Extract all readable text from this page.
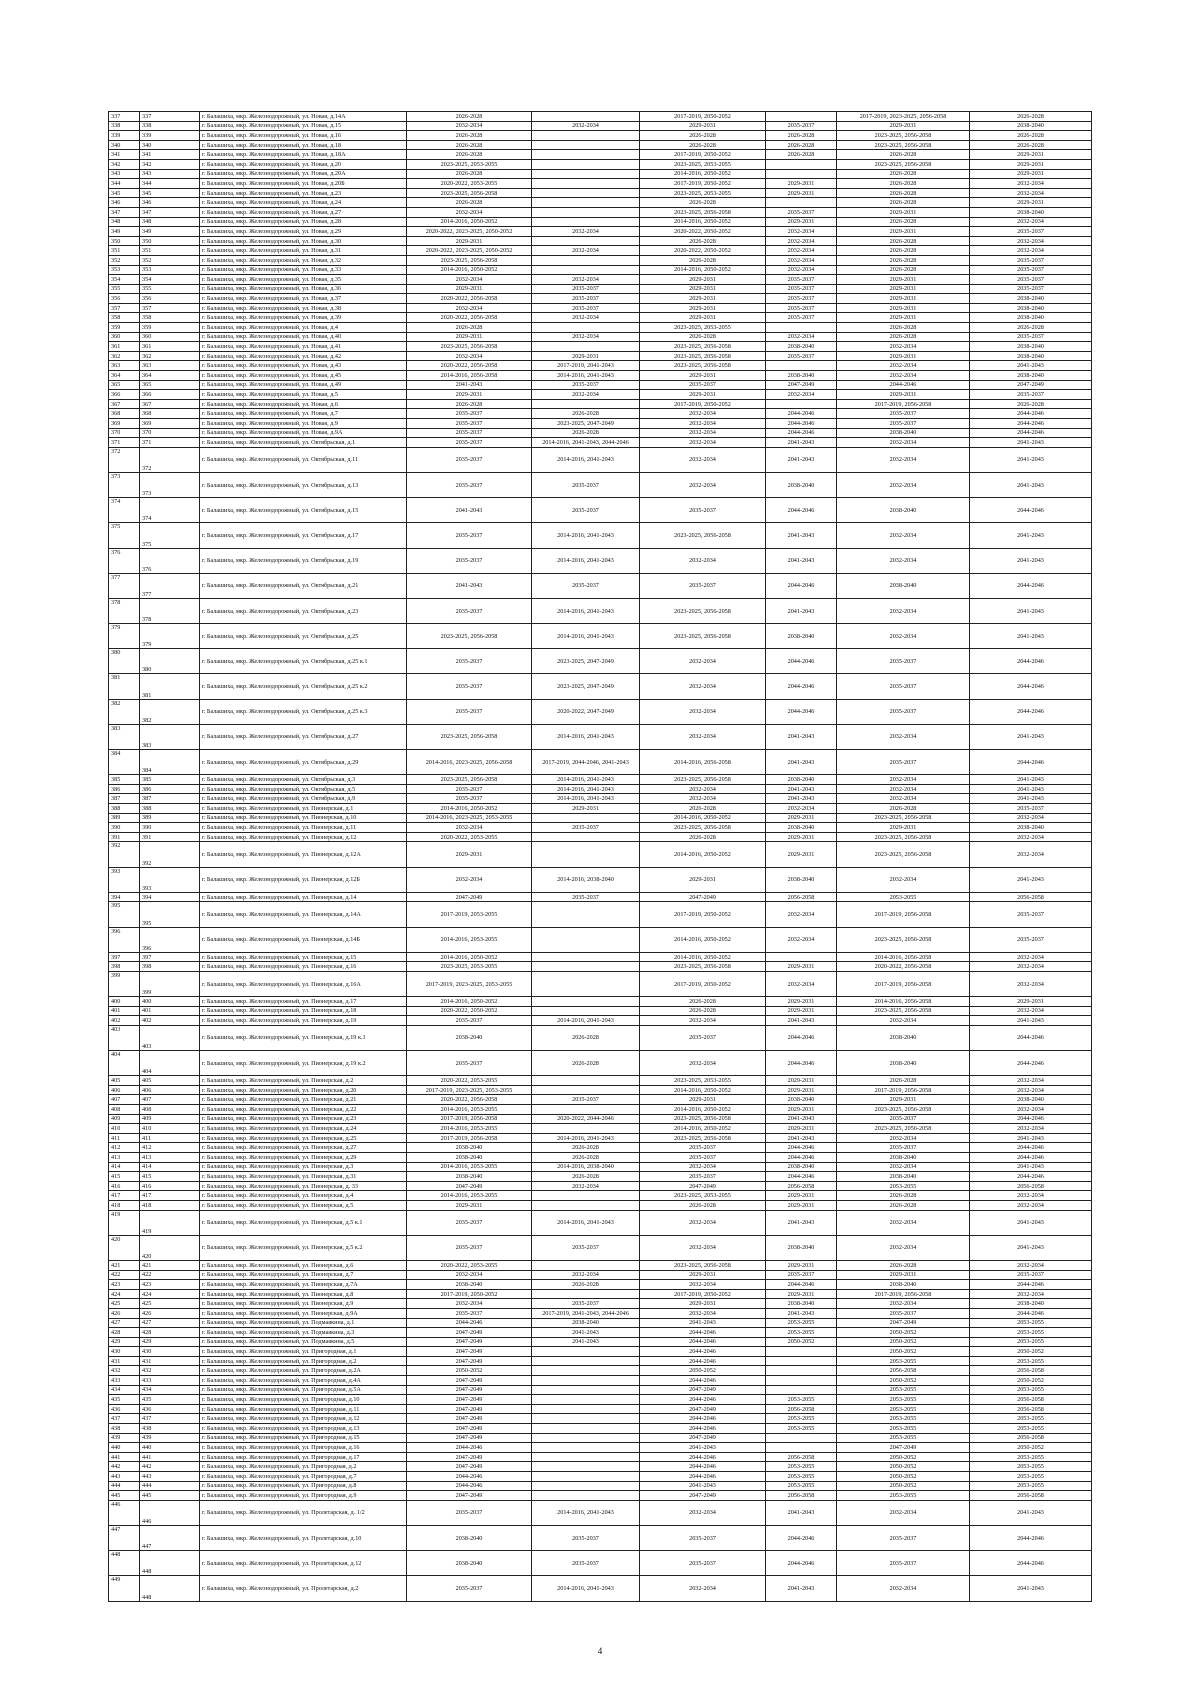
337	337	г. Балашиха, мкр. Железнодорожный, ул. Новая, д.14А	2026-2028		2017-2019, 2050-2052		2017-2019, 2023-2025, 2056-2058	2026-2028
338	338	г. Балашиха, мкр. Железнодорожный, ул. Новая, д.15	2032-2034	2032-2034	2029-2031	2035-2037	2029-2031	2038-2040
339	339	г. Балашиха, мкр. Железнодорожный, ул. Новая, д.16	2026-2028		2026-2028	2026-2028	2023-2025, 2056-2058	2026-2028
340	340	г. Балашиха, мкр. Железнодорожный, ул. Новая, д.18	2026-2028		2026-2028	2026-2028	2023-2025, 2056-2058	2026-2028
341	341	г. Балашиха, мкр. Железнодорожный, ул. Новая, д.18А	2026-2028		2017-2019, 2050-2052	2026-2028	2026-2028	2029-2031
342	342	г. Балашиха, мкр. Железнодорожный, ул. Новая, д.20	2023-2025, 2053-2055		2023-2025, 2053-2055		2023-2025, 2056-2058	2029-2031
343	343	г. Балашиха, мкр. Железнодорожный, ул. Новая, д.20А	2026-2028		2014-2016, 2050-2052		2026-2028	2029-2031
344	344	г. Балашиха, мкр. Железнодорожный, ул. Новая, д.20Б	2020-2022, 2053-2055		2017-2019, 2050-2052	2029-2031	2026-2028	2032-2034
345	345	г. Балашиха, мкр. Железнодорожный, ул. Новая, д.23	2023-2025, 2056-2058		2023-2025, 2053-2055	2029-2031	2026-2028	2032-2034
346	346	г. Балашиха, мкр. Железнодорожный, ул. Новая, д.24	2026-2028		2026-2028		2026-2028	2029-2031
347	347	г. Балашиха, мкр. Железнодорожный, ул. Новая, д.27	2032-2034		2023-2025, 2056-2058	2035-2037	2029-2031	2038-2040
348	348	г. Балашиха, мкр. Железнодорожный, ул. Новая, д.28	2014-2016, 2050-2052		2014-2016, 2050-2052	2029-2031	2026-2028	2032-2034
349	349	г. Балашиха, мкр. Железнодорожный, ул. Новая, д.29	2020-2022, 2023-2025, 2050-2052	2032-2034	2020-2022, 2050-2052	2032-2034	2029-2031	2035-2037
350	350	г. Балашиха, мкр. Железнодорожный, ул. Новая, д.30	2029-2031		2026-2028	2032-2034	2026-2028	2032-2034
351	351	г. Балашиха, мкр. Железнодорожный, ул. Новая, д.31	2020-2022, 2023-2025, 2050-2052	2032-2034	2020-2022, 2050-2052	2032-2034	2026-2028	2032-2034
352	352	г. Балашиха, мкр. Железнодорожный, ул. Новая, д.32	2023-2025, 2056-2058		2026-2028	2032-2034	2026-2028	2035-2037
353	353	г. Балашиха, мкр. Железнодорожный, ул. Новая, д.33	2014-2016, 2050-2052		2014-2016, 2050-2052	2032-2034	2026-2028	2035-2037
354	354	г. Балашиха, мкр. Железнодорожный, ул. Новая, д.35	2032-2034	2032-2034	2029-2031	2035-2037	2029-2031	2035-2037
355	355	г. Балашиха, мкр. Железнодорожный, ул. Новая, д.36	2029-2031	2035-2037	2029-2031	2035-2037	2029-2031	2035-2037
356	356	г. Балашиха, мкр. Железнодорожный, ул. Новая, д.37	2020-2022, 2056-2058	2035-2037	2029-2031	2035-2037	2029-2031	2038-2040
357	357	г. Балашиха, мкр. Железнодорожный, ул. Новая, д.38	2032-2034	2035-2037	2029-2031	2035-2037	2029-2031	2038-2040
358	358	г. Балашиха, мкр. Железнодорожный, ул. Новая, д.39	2020-2022, 2056-2058	2032-2034	2029-2031	2035-2037	2029-2031	2038-2040
359	359	г. Балашиха, мкр. Железнодорожный, ул. Новая, д.4	2026-2028		2023-2025, 2053-2055		2026-2028	2026-2028
360	360	г. Балашиха, мкр. Железнодорожный, ул. Новая, д.40	2029-2031	2032-2034	2026-2028	2032-2034	2026-2028	2035-2037
361	361	г. Балашиха, мкр. Железнодорожный, ул. Новая, д.41	2023-2025, 2056-2058		2023-2025, 2056-2058	2038-2040	2032-2034	2038-2040
362	362	г. Балашиха, мкр. Железнодорожный, ул. Новая, д.42	2032-2034	2029-2031	2023-2025, 2056-2058	2035-2037	2029-2031	2038-2040
363	363	г. Балашиха, мкр. Железнодорожный, ул. Новая, д.43	2020-2022, 2056-2058	2017-2019, 2041-2043	2023-2025, 2056-2058		2032-2034	2041-2043
364	364	г. Балашиха, мкр. Железнодорожный, ул. Новая, д.45	2014-2016, 2056-2058	2014-2016, 2041-2043	2029-2031	2038-2040	2032-2034	2038-2040
365	365	г. Балашиха, мкр. Железнодорожный, ул. Новая, д.49	2041-2043	2035-2037	2035-2037	2047-2049	2044-2046	2047-2049
366	366	г. Балашиха, мкр. Железнодорожный, ул. Новая, д.5	2029-2031	2032-2034	2029-2031	2032-2034	2029-2031	2035-2037
367	367	г. Балашиха, мкр. Железнодорожный, ул. Новая, д.6	2026-2028		2017-2019, 2050-2052		2017-2019, 2056-2058	2026-2028
368	368	г. Балашиха, мкр. Железнодорожный, ул. Новая, д.7	2035-2037	2026-2028	2032-2034	2044-2046	2035-2037	2044-2046
369	369	г. Балашиха, мкр. Железнодорожный, ул. Новая, д.9	2035-2037	2023-2025, 2047-2049	2032-2034	2044-2046	2035-2037	2044-2046
370	370	г. Балашиха, мкр. Железнодорожный, ул. Новая, д.9А	2035-2037	2026-2028	2032-2034	2044-2046	2038-2040	2044-2046
371	371	г. Балашиха, мкр. Железнодорожный, ул. Октябрьская, д.1	2035-2037	2014-2016, 2041-2043, 2044-2046	2032-2034	2041-2043	2032-2034	2041-2043
372	372	г. Балашиха, мкр. Железнодорожный, ул. Октябрьская, д.11	2035-2037	2014-2016, 2041-2043	2032-2034	2041-2043	2032-2034	2041-2043
373	373	г. Балашиха, мкр. Железнодорожный, ул. Октябрьская, д.13	2035-2037	2035-2037	2032-2034	2038-2040	2032-2034	2041-2043
374	374	г. Балашиха, мкр. Железнодорожный, ул. Октябрьская, д.15	2041-2043	2035-2037	2035-2037	2044-2046	2038-2040	2044-2046
375	375	г. Балашиха, мкр. Железнодорожный, ул. Октябрьская, д.17	2035-2037	2014-2016, 2041-2043	2023-2025, 2056-2058	2041-2043	2032-2034	2041-2043
376	376	г. Балашиха, мкр. Железнодорожный, ул. Октябрьская, д.19	2035-2037	2014-2016, 2041-2043	2032-2034	2041-2043	2032-2034	2041-2043
377	377	г. Балашиха, мкр. Железнодорожный, ул. Октябрьская, д.21	2041-2043	2035-2037	2035-2037	2044-2046	2038-2040	2044-2046
378	378	г. Балашиха, мкр. Железнодорожный, ул. Октябрьская, д.23	2035-2037	2014-2016, 2041-2043	2023-2025, 2056-2058	2041-2043	2032-2034	2041-2043
379	379	г. Балашиха, мкр. Железнодорожный, ул. Октябрьская, д.25	2023-2025, 2056-2058	2014-2016, 2041-2043	2023-2025, 2056-2058	2038-2040	2032-2034	2041-2043
380	380	г. Балашиха, мкр. Железнодорожный, ул. Октябрьская, д.25 к.1	2035-2037	2023-2025, 2047-2049	2032-2034	2044-2046	2035-2037	2044-2046
381	381	г. Балашиха, мкр. Железнодорожный, ул. Октябрьская, д.25 к.2	2035-2037	2023-2025, 2047-2049	2032-2034	2044-2046	2035-2037	2044-2046
382	382	г. Балашиха, мкр. Железнодорожный, ул. Октябрьская, д.25 к.3	2035-2037	2020-2022, 2047-2049	2032-2034	2044-2046	2035-2037	2044-2046
383	383	г. Балашиха, мкр. Железнодорожный, ул. Октябрьская, д.27	2023-2025, 2056-2058	2014-2016, 2041-2043	2032-2034	2041-2043	2032-2034	2041-2043
384	384	г. Балашиха, мкр. Железнодорожный, ул. Октябрьская, д.29	2014-2016, 2023-2025, 2056-2058	2017-2019, 2044-2046, 2041-2043	2014-2016, 2056-2058	2041-2043	2035-2037	2044-2046
385	385	г. Балашиха, мкр. Железнодорожный, ул. Октябрьская, д.3	2023-2025, 2056-2058	2014-2016, 2041-2043	2023-2025, 2056-2058	2038-2040	2032-2034	2041-2043
386	386	г. Балашиха, мкр. Железнодорожный, ул. Октябрьская, д.5	2035-2037	2014-2016, 2041-2043	2032-2034	2041-2043	2032-2034	2041-2043
387	387	г. Балашиха, мкр. Железнодорожный, ул. Октябрьская, д.9	2035-2037	2014-2016, 2041-2043	2032-2034	2041-2043	2032-2034	2041-2043
388	388	г. Балашиха, мкр. Железнодорожный, ул. Пионерская, д.1	2014-2016, 2050-2052	2029-2031	2026-2028	2032-2034	2026-2028	2035-2037
389	389	г. Балашиха, мкр. Железнодорожный, ул. Пионерская, д.10	2014-2016, 2023-2025, 2053-2055		2014-2016, 2050-2052	2029-2031	2023-2025, 2056-2058	2032-2034
390	390	г. Балашиха, мкр. Железнодорожный, ул. Пионерская, д.11	2032-2034	2035-2037	2023-2025, 2056-2058	2038-2040	2029-2031	2038-2040
391	391	г. Балашиха, мкр. Железнодорожный, ул. Пионерская, д.12	2020-2022, 2053-2055		2026-2028	2029-2031	2023-2025, 2056-2058	2032-2034
392	392	г. Балашиха, мкр. Железнодорожный, ул. Пионерская, д.12А	2029-2031		2014-2016, 2050-2052	2029-2031	2023-2025, 2056-2058	2032-2034
393	393	г. Балашиха, мкр. Железнодорожный, ул. Пионерская, д.12Б	2032-2034	2014-2016, 2038-2040	2029-2031	2038-2040	2032-2034	2041-2043
394	394	г. Балашиха, мкр. Железнодорожный, ул. Пионерская, д.14	2047-2049	2035-2037	2047-2049	2056-2058	2053-2055	2056-2058
395	395	г. Балашиха, мкр. Железнодорожный, ул. Пионерская, д.14А	2017-2019, 2053-2055		2017-2019, 2050-2052	2032-2034	2017-2019, 2056-2058	2035-2037
396	396	г. Балашиха, мкр. Железнодорожный, ул. Пионерская, д.14Б	2014-2016, 2053-2055		2014-2016, 2050-2052	2032-2034	2023-2025, 2056-2058	2035-2037
397	397	г. Балашиха, мкр. Железнодорожный, ул. Пионерская, д.15	2014-2016, 2050-2052		2014-2016, 2050-2052		2014-2016, 2056-2058	2032-2034
398	398	г. Балашиха, мкр. Железнодорожный, ул. Пионерская, д.16	2023-2025, 2053-2055		2023-2025, 2056-2058	2029-2031	2020-2022, 2056-2058	2032-2034
399	399	г. Балашиха, мкр. Железнодорожный, ул. Пионерская, д.16А	2017-2019, 2023-2025, 2053-2055		2017-2019, 2050-2052	2032-2034	2017-2019, 2056-2058	2032-2034
400	400	г. Балашиха, мкр. Железнодорожный, ул. Пионерская, д.17	2014-2016, 2050-2052		2026-2028	2029-2031	2014-2016, 2056-2058	2029-2031
401	401	г. Балашиха, мкр. Железнодорожный, ул. Пионерская, д.18	2020-2022, 2050-2052		2026-2028	2029-2031	2023-2025, 2056-2058	2032-2034
402	402	г. Балашиха, мкр. Железнодорожный, ул. Пионерская, д.19	2035-2037	2014-2016, 2041-2043	2032-2034	2041-2043	2032-2034	2041-2043
403	403	г. Балашиха, мкр. Железнодорожный, ул. Пионерская, д.19 к.1	2038-2040	2026-2028	2035-2037	2044-2046	2038-2040	2044-2046
404	404	г. Балашиха, мкр. Железнодорожный, ул. Пионерская, д.19 к.2	2035-2037	2026-2028	2032-2034	2044-2046	2038-2040	2044-2046
405	405	г. Балашиха, мкр. Железнодорожный, ул. Пионерская, д.2	2020-2022, 2053-2055		2023-2025, 2053-2055	2029-2031	2026-2028	2032-2034
406	406	г. Балашиха, мкр. Железнодорожный, ул. Пионерская, д.20	2017-2019, 2023-2025, 2053-2055		2014-2016, 2050-2052	2029-2031	2017-2019, 2056-2058	2032-2034
407	407	г. Балашиха, мкр. Железнодорожный, ул. Пионерская, д.21	2020-2022, 2056-2058	2035-2037	2029-2031	2038-2040	2029-2031	2038-2040
408	408	г. Балашиха, мкр. Железнодорожный, ул. Пионерская, д.22	2014-2016, 2053-2055		2014-2016, 2050-2052	2029-2031	2023-2025, 2056-2058	2032-2034
409	409	г. Балашиха, мкр. Железнодорожный, ул. Пионерская, д.23	2017-2019, 2056-2058	2020-2022, 2044-2046	2023-2025, 2056-2058	2041-2043	2035-2037	2044-2046
410	410	г. Балашиха, мкр. Железнодорожный, ул. Пионерская, д.24	2014-2016, 2053-2055		2014-2016, 2050-2052	2029-2031	2023-2025, 2056-2058	2032-2034
411	411	г. Балашиха, мкр. Железнодорожный, ул. Пионерская, д.25	2017-2019, 2056-2058	2014-2016, 2041-2043	2023-2025, 2056-2058	2041-2043	2032-2034	2041-2043
412	412	г. Балашиха, мкр. Железнодорожный, ул. Пионерская, д.27	2038-2040	2026-2028	2035-2037	2044-2046	2035-2037	2044-2046
413	413	г. Балашиха, мкр. Железнодорожный, ул. Пионерская, д.29	2038-2040	2026-2028	2035-2037	2044-2046	2038-2040	2044-2046
414	414	г. Балашиха, мкр. Железнодорожный, ул. Пионерская, д.3	2014-2016, 2053-2055	2014-2016, 2038-2040	2032-2034	2038-2040	2032-2034	2041-2043
415	415	г. Балашиха, мкр. Железнодорожный, ул. Пионерская, д.31	2038-2040	2026-2028	2035-2037	2044-2046	2038-2040	2044-2046
416	416	г. Балашиха, мкр. Железнодорожный, ул. Пионерская, д. 33	2047-2049	2032-2034	2047-2049	2056-2058	2053-2055	2056-2058
417	417	г. Балашиха, мкр. Железнодорожный, ул. Пионерская, д.4	2014-2016, 2053-2055		2023-2025, 2053-2055	2029-2031	2026-2028	2032-2034
418	418	г. Балашиха, мкр. Железнодорожный, ул. Пионерская, д.5	2029-2031		2026-2028	2029-2031	2026-2028	2032-2034
419	419	г. Балашиха, мкр. Железнодорожный, ул. Пионерская, д.5 к.1	2035-2037	2014-2016, 2041-2043	2032-2034	2041-2043	2032-2034	2041-2043
420	420	г. Балашиха, мкр. Железнодорожный, ул. Пионерская, д.5 к.2	2035-2037	2035-2037	2032-2034	2038-2040	2032-2034	2041-2043
421	421	г. Балашиха, мкр. Железнодорожный, ул. Пионерская, д.6	2020-2022, 2053-2055		2023-2025, 2056-2058	2029-2031	2026-2028	2032-2034
422	422	г. Балашиха, мкр. Железнодорожный, ул. Пионерская, д.7	2032-2034	2032-2034	2029-2031	2035-2037	2029-2031	2035-2037
423	423	г. Балашиха, мкр. Железнодорожный, ул. Пионерская, д.7А	2038-2040	2026-2028	2032-2034	2044-2046	2038-2040	2044-2046
424	424	г. Балашиха, мкр. Железнодорожный, ул. Пионерская, д.8	2017-2019, 2050-2052		2017-2019, 2050-2052	2029-2031	2017-2019, 2056-2058	2032-2034
425	425	г. Балашиха, мкр. Железнодорожный, ул. Пионерская, д.9	2032-2034	2035-2037	2029-2031	2038-2040	2032-2034	2038-2040
426	426	г. Балашиха, мкр. Железнодорожный, ул. Пионерская, д.9А	2035-2037	2017-2019, 2041-2043, 2044-2046	2032-2034	2041-2043	2035-2037	2044-2046
427	427	г. Балашиха, мкр. Железнодорожный, ул. Подмаякина, д.1	2044-2046	2038-2040	2041-2043	2053-2055	2047-2049	2053-2055
428	428	г. Балашиха, мкр. Железнодорожный, ул. Подмаякина, д.3	2047-2049	2041-2043	2044-2046	2053-2055	2050-2052	2053-2055
429	429	г. Балашиха, мкр. Железнодорожный, ул. Подмаякина, д.5	2047-2049	2041-2043	2044-2046	2050-2052	2050-2052	2053-2055
430	430	г. Балашиха, мкр. Железнодорожный, ул. Пригородная, д.1	2047-2049		2044-2046		2050-2052	2050-2052
431	431	г. Балашиха, мкр. Железнодорожный, ул. Пригородная, д.2	2047-2049		2044-2046		2053-2055	2053-2055
432	432	г. Балашиха, мкр. Железнодорожный, ул. Пригородная, д.2А	2050-2052		2050-2052		2056-2058	2056-2058
433	433	г. Балашиха, мкр. Железнодорожный, ул. Пригородная, д.4А	2047-2049		2044-2046		2050-2052	2050-2052
434	434	г. Балашиха, мкр. Железнодорожный, ул. Пригородная, д.5А	2047-2049		2047-2049		2053-2055	2053-2055
435	435	г. Балашиха, мкр. Железнодорожный, ул. Пригородная, д.10	2047-2049		2044-2046	2053-2055	2053-2055	2056-2058
436	436	г. Балашиха, мкр. Железнодорожный, ул. Пригородная, д.11	2047-2049		2047-2049	2056-2058	2053-2055	2056-2058
437	437	г. Балашиха, мкр. Железнодорожный, ул. Пригородная, д.12	2047-2049		2044-2046	2053-2055	2053-2055	2053-2055
438	438	г. Балашиха, мкр. Железнодорожный, ул. Пригородная, д.13	2047-2049		2044-2046	2053-2055	2053-2055	2053-2055
439	439	г. Балашиха, мкр. Железнодорожный, ул. Пригородная, д.15	2047-2049		2047-2049		2053-2055	2056-2058
440	440	г. Балашиха, мкр. Железнодорожный, ул. Пригородная, д.16	2044-2046		2041-2043		2047-2049	2050-2052
441	441	г. Балашиха, мкр. Железнодорожный, ул. Пригородная, д.17	2047-2049		2044-2046	2056-2058	2050-2052	2053-2055
442	442	г. Балашиха, мкр. Железнодорожный, ул. Пригородная, д.2	2047-2049		2044-2046	2053-2055	2050-2052	2053-2055
443	443	г. Балашиха, мкр. Железнодорожный, ул. Пригородная, д.7	2044-2046		2044-2046	2053-2055	2050-2052	2053-2055
444	444	г. Балашиха, мкр. Железнодорожный, ул. Пригородная, д.8	2044-2046		2041-2043	2053-2055	2050-2052	2053-2055
445	445	г. Балашиха, мкр. Железнодорожный, ул. Пригородная, д.9	2047-2049		2047-2049	2056-2058	2053-2055	2056-2058
446	446	г. Балашиха, мкр. Железнодорожный, ул. Пролетарская, д. 1/2	2035-2037	2014-2016, 2041-2043	2032-2034	2041-2043	2032-2034	2041-2043
447	447	г. Балашиха, мкр. Железнодорожный, ул. Пролетарская, д.10	2038-2040	2035-2037	2035-2037	2044-2046	2035-2037	2044-2046
448	448	г. Балашиха, мкр. Железнодорожный, ул. Пролетарская, д.12	2038-2040	2035-2037	2035-2037	2044-2046	2035-2037	2044-2046
449	448	г. Балашиха, мкр. Железнодорожный, ул. Пролетарская, д.2	2035-2037	2014-2016, 2041-2043	2032-2034	2041-2043	2032-2034	2041-2043
4
